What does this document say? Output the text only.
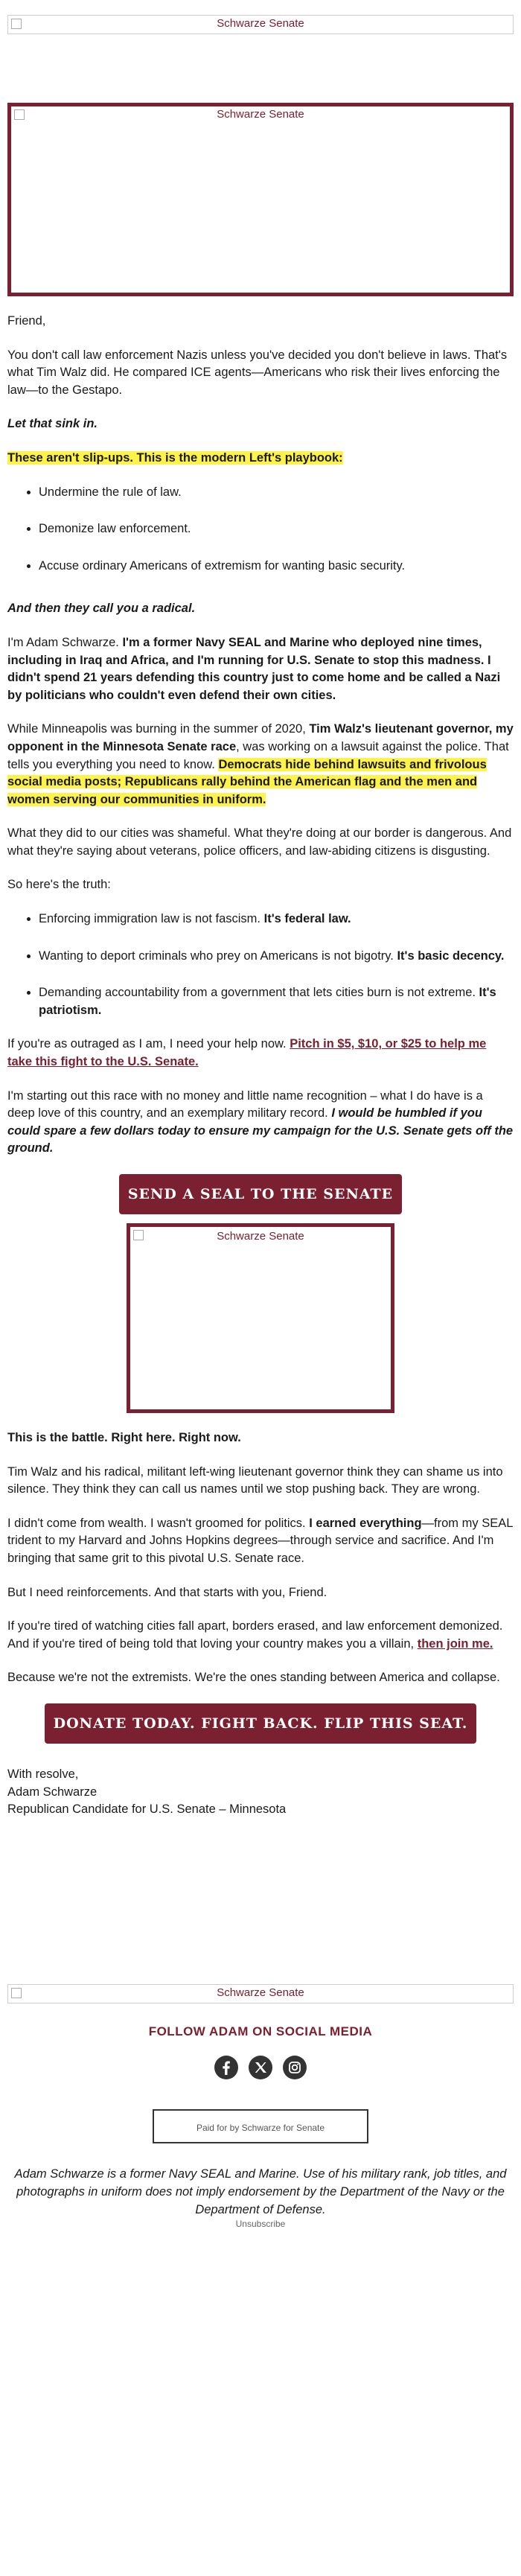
Schwarze Senate
Schwarze Senate

Friend,

You don't call law enforcement Nazis unless you've decided you don't believe in laws. That's what Tim Walz did. He compared ICE agents—Americans who risk their lives enforcing the law—to the Gestapo.

Let that sink in.

These aren't slip-ups. This is the modern Left's playbook:

• Undermine the rule of law.
• Demonize law enforcement.
• Accuse ordinary Americans of extremism for wanting basic security.

And then they call you a radical.

I'm Adam Schwarze. I'm a former Navy SEAL and Marine who deployed nine times, including in Iraq and Africa, and I'm running for U.S. Senate to stop this madness. I didn't spend 21 years defending this country just to come home and be called a Nazi by politicians who couldn't even defend their own cities.

While Minneapolis was burning in the summer of 2020, Tim Walz's lieutenant governor, my opponent in the Minnesota Senate race, was working on a lawsuit against the police. That tells you everything you need to know. Democrats hide behind lawsuits and frivolous social media posts; Republicans rally behind the American flag and the men and women serving our communities in uniform.

What they did to our cities was shameful. What they're doing at our border is dangerous. And what they're saying about veterans, police officers, and law-abiding citizens is disgusting.

So here's the truth:

• Enforcing immigration law is not fascism. It's federal law.
• Wanting to deport criminals who prey on Americans is not bigotry. It's basic decency.
• Demanding accountability from a government that lets cities burn is not extreme. It's patriotism.

If you're as outraged as I am, I need your help now. Pitch in $5, $10, or $25 to help me take this fight to the U.S. Senate.

I'm starting out this race with no money and little name recognition – what I do have is a deep love of this country, and an exemplary military record. I would be humbled if you could spare a few dollars today to ensure my campaign for the U.S. Senate gets off the ground.

SEND A SEAL TO THE SENATE
Schwarze Senate

This is the battle. Right here. Right now.

Tim Walz and his radical, militant left-wing lieutenant governor think they can shame us into silence. They think they can call us names until we stop pushing back. They are wrong.

I didn't come from wealth. I wasn't groomed for politics. I earned everything—from my SEAL trident to my Harvard and Johns Hopkins degrees—through service and sacrifice. And I'm bringing that same grit to this pivotal U.S. Senate race.

But I need reinforcements. And that starts with you, Friend.

If you're tired of watching cities fall apart, borders erased, and law enforcement demonized. And if you're tired of being told that loving your country makes you a villain, then join me.

Because we're not the extremists. We're the ones standing between America and collapse.

DONATE TODAY. FIGHT BACK. FLIP THIS SEAT.

With resolve,
Adam Schwarze
Republican Candidate for U.S. Senate – Minnesota

Schwarze Senate
FOLLOW ADAM ON SOCIAL MEDIA

Paid for by Schwarze for Senate
Adam Schwarze is a former Navy SEAL and Marine. Use of his military rank, job titles, and photographs in uniform does not imply endorsement by the Department of the Navy or the Department of Defense.
Unsubscribe
